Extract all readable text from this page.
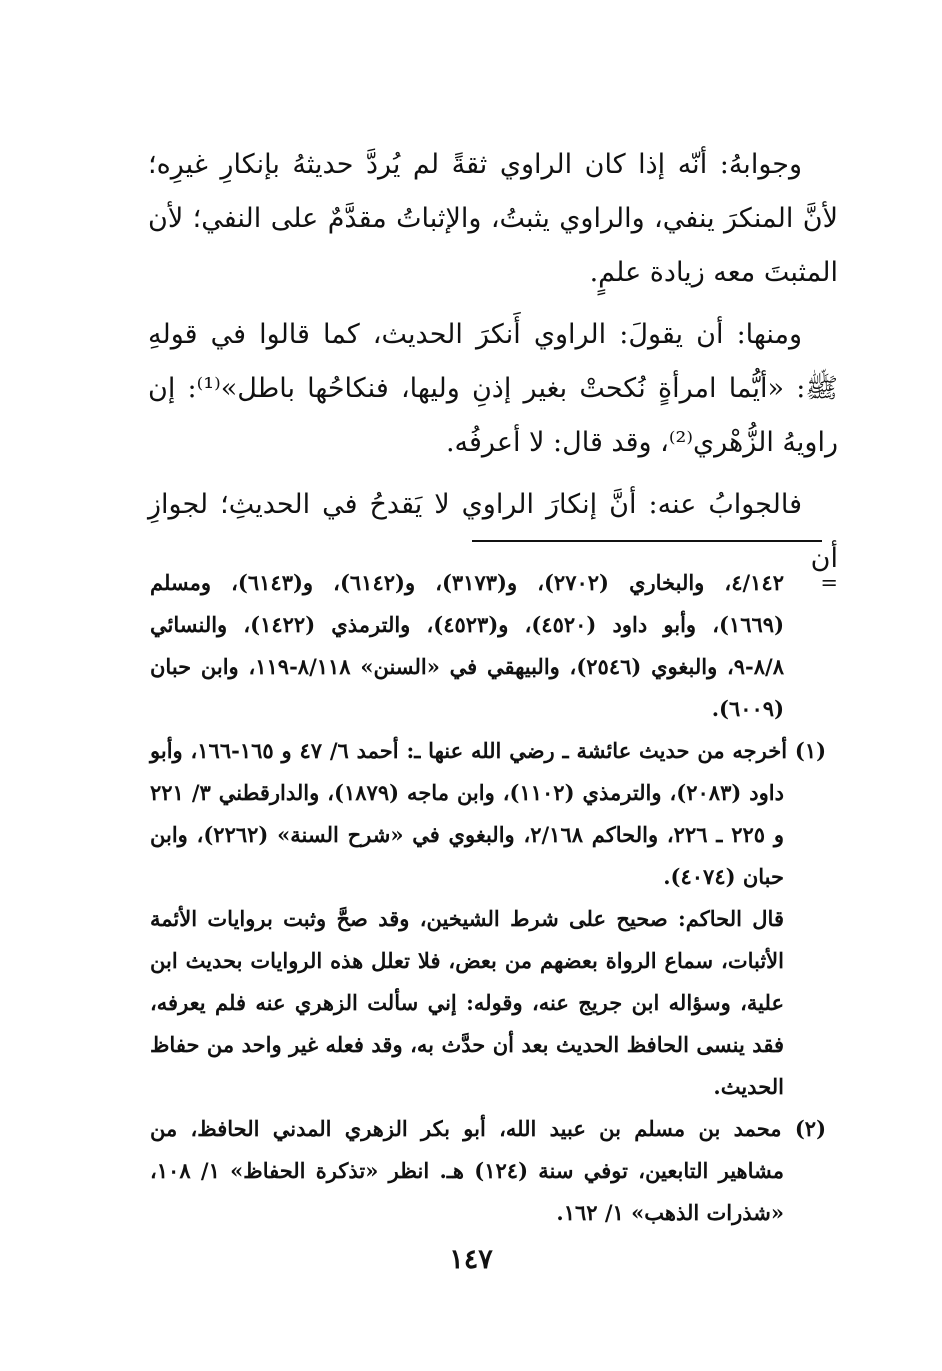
وجوابهُ: أنّه إذا كان الراوي ثقةً لم يُردَّ حديثهُ بإنكارِ غيرِه؛ لأنَّ المنكرَ ينفي، والراوي يثبتُ، والإثباتُ مقدَّمٌ على النفي؛ لأن المثبتَ معه زيادة علمٍ.

ومنها: أن يقولَ: الراوي أَنكرَ الحديث، كما قالوا في قولهِ ﷺ: «أيُّما امرأةٍ نُكحتْ بغير إذنِ وليها، فنكاحُها باطل»⁽¹⁾: إن راويهُ الزُّهْري⁽²⁾، وقد قال: لا أعرفُه.

فالجوابُ عنه: أنَّ إنكارَ الراوي لا يَقدحُ في الحديثِ؛ لجوازِ أن

=
٤/١٤٢، والبخاري (٢٧٠٢)، و(٣١٧٣)، و(٦١٤٢)، و(٦١٤٣)، ومسلم (١٦٦٩)، وأبو داود (٤٥٢٠)، و(٤٥٢٣)، والترمذي (١٤٢٢)، والنسائي ٨/٨-٩، والبغوي (٢٥٤٦)، والبيهقي في «السنن» ٨/١١٨-١١٩، وابن حبان (٦٠٠٩).

(١) أخرجه من حديث عائشة ـ رضي الله عنها ـ: أحمد ٦/ ٤٧ و ١٦٥-١٦٦، وأبو داود (٢٠٨٣)، والترمذي (١١٠٢)، وابن ماجه (١٨٧٩)، والدارقطني ٣/ ٢٢١ و ٢٢٥ ـ ٢٢٦، والحاكم ٢/١٦٨، والبغوي في «شرح السنة» (٢٢٦٢)، وابن حبان (٤٠٧٤).

قال الحاكم: صحيح على شرط الشيخين، وقد صحَّ وثبت بروايات الأئمة الأثبات، سماع الرواة بعضهم من بعض، فلا تعلل هذه الروايات بحديث ابن علية، وسؤاله ابن جريج عنه، وقوله: إني سألت الزهري عنه فلم يعرفه، فقد ينسى الحافظ الحديث بعد أن حدَّث به، وقد فعله غير واحد من حفاظ الحديث.

(٢) محمد بن مسلم بن عبيد الله، أبو بكر الزهري المدني الحافظ، من مشاهير التابعين، توفي سنة (١٢٤) هـ. انظر «تذكرة الحفاظ» ١/ ١٠٨، «شذرات الذهب» ١/ ١٦٢.

١٤٧
